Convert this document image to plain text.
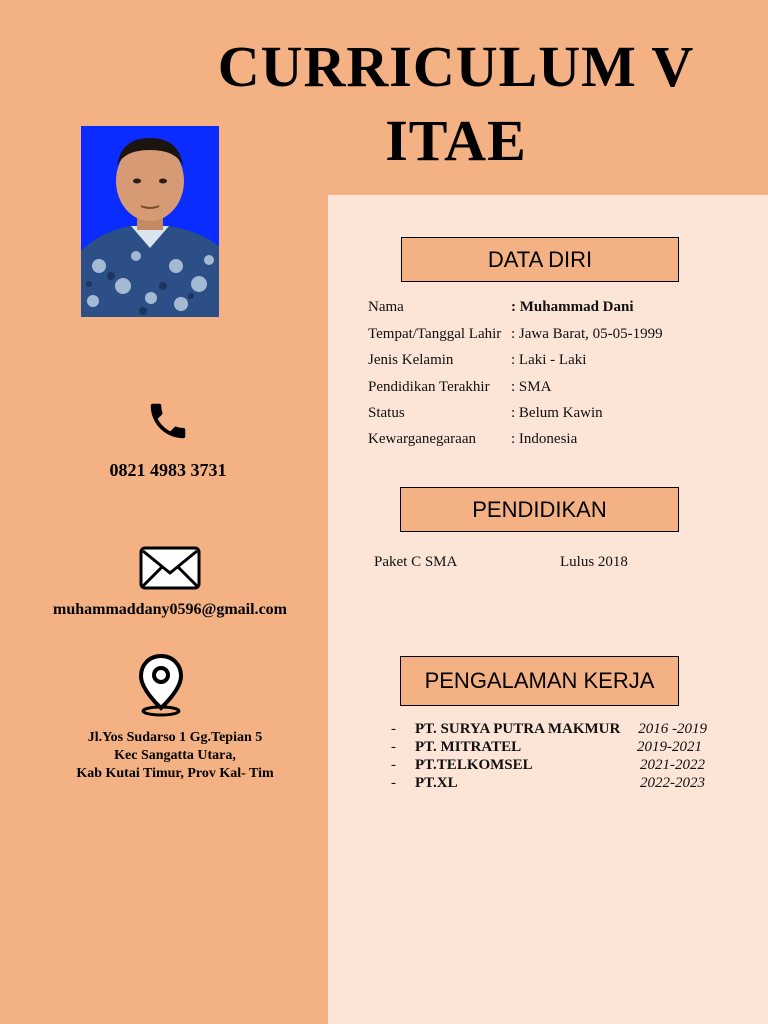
CURRICULUM V
ITAE
0821 4983 3731
muhammaddany0596@gmail.com
Jl.Yos Sudarso 1 Gg.Tepian 5
Kec Sangatta Utara,
Kab Kutai Timur, Prov Kal- Tim
DATA DIRI
Nama	: Muhammad Dani
Tempat/Tanggal Lahir : Jawa Barat, 05-05-1999
Jenis Kelamin	: Laki - Laki
Pendidikan Terakhir : SMA
Status	: Belum Kawin
Kewarganegaraan : Indonesia
PENDIDIKAN
Paket C SMA	Lulus 2018
PENGALAMAN KERJA
- PT. SURYA PUTRA MAKMUR 2016 -2019
- PT. MITRATEL	2019-2021
- PT.TELKOMSEL	2021-2022
- PT.XL	2022-2023
